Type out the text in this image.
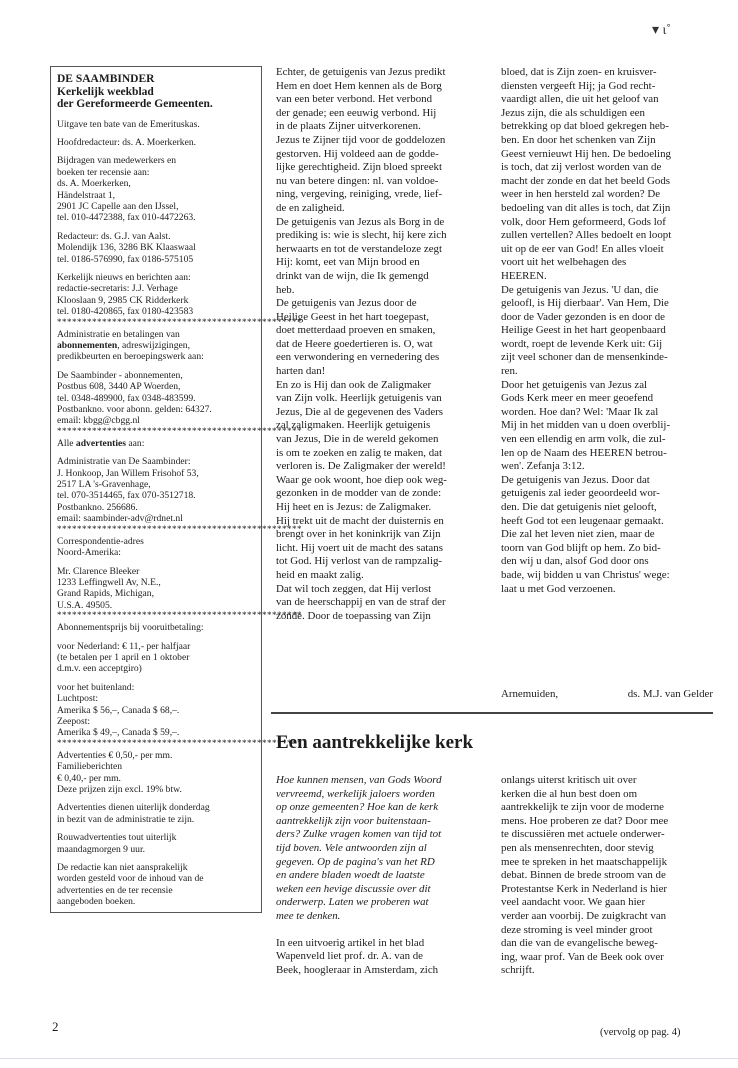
▾ ɩ˚
DE SAAMBINDER
Kerkelijk weekblad
der Gereformeerde Gemeenten.
Uitgave ten bate van de Emerituskas.
Hoofdredacteur: ds. A. Moerkerken.
Bijdragen van medewerkers en
boeken ter recensie aan:
ds. A. Moerkerken,
Händelstraat 1,
2901 JC Capelle aan den IJssel,
tel. 010-4472388, fax 010-4472263.
Redacteur: ds. G.J. van Aalst.
Molendijk 136, 3286 BK Klaaswaal
tel. 0186-576990, fax 0186-575105
Kerkelijk nieuws en berichten aan:
redactie-secretaris: J.J. Verhage
Klooslaan 9, 2985 CK Ridderkerk
tel. 0180-420865, fax 0180-423583
*************************************************
Administratie en betalingen van
abonnementen, adreswijzigingen,
predikbeurten en beroepingswerk aan:
De Saambinder - abonnementen,
Postbus 608, 3440 AP Woerden,
tel. 0348-489900, fax 0348-483599.
Postbankno. voor abonn. gelden: 64327.
email: kbgg@cbgg.nl
*************************************************
Alle advertenties aan:
Administratie van De Saambinder:
J. Honkoop, Jan Willem Frisohof 53,
2517 LA 's-Gravenhage,
tel. 070-3514465, fax 070-3512718.
Postbankno. 256686.
email: saambinder-adv@rdnet.nl
*************************************************
Correspondentie-adres
Noord-Amerika:
Mr. Clarence Bleeker
1233 Leffingwell Av, N.E.,
Grand Rapids, Michigan,
U.S.A. 49505.
*************************************************
Abonnementsprijs bij vooruitbetaling:
voor Nederland: € 11,- per halfjaar
(te betalen per 1 april en 1 oktober
d.m.v. een acceptgiro)
voor het buitenland:
Luchtpost:
Amerika $ 56,–, Canada $ 68,–.
Zeepost:
Amerika $ 49,–, Canada $ 59,–.
*************************************************
Advertenties € 0,50,- per mm.
Familieberichten
€ 0,40,- per mm.
Deze prijzen zijn excl. 19% btw.
Advertenties dienen uiterlijk donderdag
in bezit van de administratie te zijn.
Rouwadvertenties tout uiterlijk
maandagmorgen 9 uur.
De redactie kan niet aansprakelijk
worden gesteld voor de inhoud van de
advertenties en de ter recensie
aangeboden boeken.
Echter, de getuigenis van Jezus predikt
Hem en doet Hem kennen als de Borg
van een beter verbond. Het verbond
der genade; een eeuwig verbond. Hij
in de plaats Zijner uitverkorenen.
Jezus te Zijner tijd voor de goddelozen
gestorven. Hij voldeed aan de godde-
lijke gerechtigheid. Zijn bloed spreekt
nu van betere dingen: nl. van voldoe-
ning, vergeving, reiniging, vrede, lief-
de en zaligheid.
De getuigenis van Jezus als Borg in de
prediking is: wie is slecht, hij kere zich
herwaarts en tot de verstandeloze zegt
Hij: komt, eet van Mijn brood en
drinkt van de wijn, die Ik gemengd
heb.
De getuigenis van Jezus door de
Heilige Geest in het hart toegepast,
doet metterdaad proeven en smaken,
dat de Heere goedertieren is. O, wat
een verwondering en vernedering des
harten dan!
En zo is Hij dan ook de Zaligmaker
van Zijn volk. Heerlijk getuigenis van
Jezus, Die al de gegevenen des Vaders
zal zaligmaken. Heerlijk getuigenis
van Jezus, Die in de wereld gekomen
is om te zoeken en zalig te maken, dat
verloren is. De Zaligmaker der wereld!
Waar ge ook woont, hoe diep ook weg-
gezonken in de modder van de zonde:
Hij heet en is Jezus: de Zaligmaker.
Hij trekt uit de macht der duisternis en
brengt over in het koninkrijk van Zijn
licht. Hij voert uit de macht des satans
tot God. Hij verlost van de rampzalig-
heid en maakt zalig.
Dat wil toch zeggen, dat Hij verlost
van de heerschappij en van de straf der
zonde. Door de toepassing van Zijn
bloed, dat is Zijn zoen- en kruisver-
diensten vergeeft Hij; ja God recht-
vaardigt allen, die uit het geloof van
Jezus zijn, die als schuldigen een
betrekking op dat bloed gekregen heb-
ben. En door het schenken van Zijn
Geest vernieuwt Hij hen. De bedoeling
is toch, dat zij verlost worden van de
macht der zonde en dat het beeld Gods
weer in hen hersteld zal worden? De
bedoeling van dit alles is toch, dat Zijn
volk, door Hem geformeerd, Gods lof
zullen vertellen? Alles bedoelt en loopt
uit op de eer van God! En alles vloeit
voort uit het welbehagen des
HEEREN.
De getuigenis van Jezus. 'U dan, die
geloofl, is Hij dierbaar'. Van Hem, Die
door de Vader gezonden is en door de
Heilige Geest in het hart geopenbaard
wordt, roept de levende Kerk uit: Gij
zijt veel schoner dan de mensenkinde-
ren.
Door het getuigenis van Jezus zal
Gods Kerk meer en meer geoefend
worden. Hoe dan? Wel: 'Maar Ik zal
Mij in het midden van u doen overblij-
ven een ellendig en arm volk, die zul-
len op de Naam des HEEREN betrou-
wen'. Zefanja 3:12.
De getuigenis van Jezus. Door dat
getuigenis zal ieder geoordeeld wor-
den. Die dat getuigenis niet gelooft,
heeft God tot een leugenaar gemaakt.
Die zal het leven niet zien, maar de
toorn van God blijft op hem. Zo bid-
den wij u dan, alsof God door ons
bade, wij bidden u van Christus' wege:
laat u met God verzoenen.
Arnemuiden,	ds. M.J. van Gelder
Een aantrekkelijke kerk
Hoe kunnen mensen, van Gods Woord
vervreemd, werkelijk jaloers worden
op onze gemeenten? Hoe kan de kerk
aantrekkelijk zijn voor buitenstaan-
ders? Zulke vragen komen van tijd tot
tijd boven. Vele antwoorden zijn al
gegeven. Op de pagina's van het RD
en andere bladen woedt de laatste
weken een hevige discussie over dit
onderwerp. Laten we proberen wat
mee te denken.
In een uitvoerig artikel in het blad
Wapenveld liet prof. dr. A. van de
Beek, hoogleraar in Amsterdam, zich
onlangs uiterst kritisch uit over
kerken die al hun best doen om
aantrekkelijk te zijn voor de moderne
mens. Hoe proberen ze dat? Door mee
te discussiëren met actuele onderwer-
pen als mensenrechten, door stevig
mee te spreken in het maatschappelijk
debat. Binnen de brede stroom van de
Protestantse Kerk in Nederland is hier
veel aandacht voor. We gaan hier
verder aan voorbij. De zuigkracht van
deze stroming is veel minder groot
dan die van de evangelische beweg-
ing, waar prof. Van de Beek ook over
schrijft.
(vervolg op pag. 4)
2
